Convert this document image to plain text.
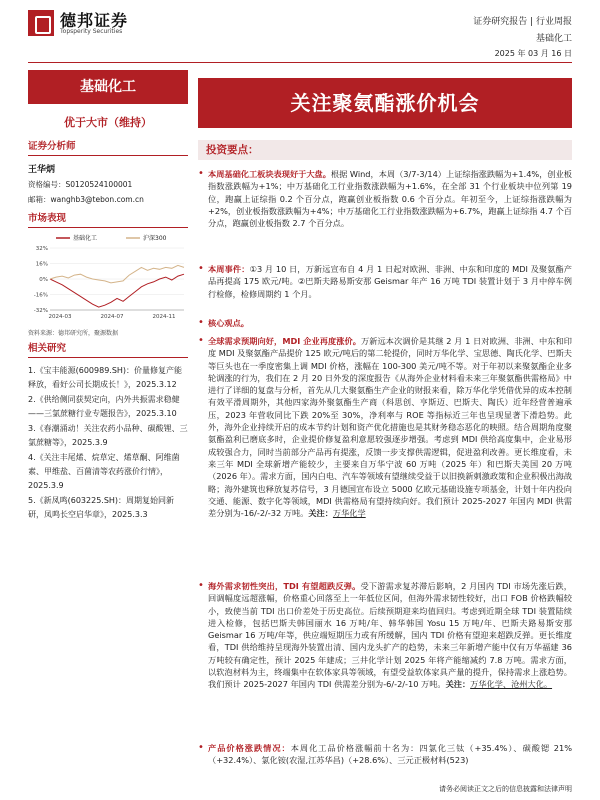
德邦证券
Topsperity Securities
证券研究报告 | 行业周报
基础化工
2025 年 03 月 16 日
基础化工
优于大市（维持）
证券分析师
王华炳
资格编号：S0120524100001
邮箱：wanghb3@tebon.com.cn
市场表现
32%
16%
0%
-16%
-32%
2024-03	2024-07	2024-11
基础化工	沪深300
资料来源：德邦研究所，聚源数据
相关研究
1.《宝丰能源(600989.SH)：价量修复产能释放，看好公司长期成长！》，2025.3.12
2.《供给侧同获契定向，内外共振需求稳健——三氯蔗糖行业专题报告》，2025.3.10
3.《春潮涌动！关注农药小品种、碳酸锂、三氯蔗糖等》，2025.3.9
4.《关注丰尾烯、烷草定、烯草酮、阿维菌素、甲维盐、百菌清等农药涨价行情》，2025.3.9
5.《新凤鸣(603225.SH)：周期复始同新研，凤鸣长空启华章》，2025.3.3
关注聚氨酯涨价机会
投资要点：
• 本周基础化工板块表现好于大盘。根据 Wind，本周（3/7-3/14）上证综指涨跌幅为+1.4%，创业板指数涨跌幅为+1%；中万基础化工行业指数涨跌幅为+1.6%，在全部 31 个行业板块中位列第 19 位，跑赢上证综指 0.2 个百分点，跑赢创业板指数 0.6 个百分点。年初至今，上证综指涨跌幅为+2%，创业板指数涨跌幅为+4%；中万基础化工行业指数涨跌幅为+6.7%，跑赢上证综指 4.7 个百分点，跑赢创业板指数 2.7 个百分点。
• 本周事件：①3 月 10 日，万新远宣布自 4 月 1 日起对欧洲、非洲、中东和印度的 MDI 及聚氨酯产品再提高 175 欧元/吨。②巴斯夫路易斯安那 Geismar 年产 16 万吨 TDI 装置计划于 3 月中停车例行检修，检修周期约 1 个月。
• 核心观点。
• 全球需求预期向好，MDI 企业再度涨价。万新远本次调价是其继 2 月 1 日对欧洲、非洲、中东和印度 MDI 及聚氨酯产品提价 125 欧元/吨后的第二轮提价，同时万华化学、宝思德、陶氏化学、巴斯夫等巨头也在一季度密集上调 MDI 价格，涨幅在 100-300 美元/吨不等。对于年初以来聚氨酯企业多轮调涨的行为，我们在 2 月 20 日外发的深度报告《从海外企业材料看未来三年聚氨酯供需格局》中进行了详细的复盘与分析，首先从几大聚氨酯生产企业的财报来看，除万华化学凭借优异的成本控制有效平滑周期外，其他四家海外聚氨酯生产商（科思创、亨斯迈、巴斯夫、陶氏）近年经营普遍承压，2023 年营收同比下跌 20%至 30%，净利率与 ROE 等指标近三年也呈现显著下滑趋势。此外，海外企业持续开启的成本节约计划和资产优化措施也是其财务稳态恶化的映照。结合周期角度聚氨酯盈利已磨底多时，企业提价修复盈利意愿较强逐步增强。考虑到 MDI 供给高度集中，企业易形成较强合力，同时当前部分产品再有提涨，反馈一步支撑供需逻辑，促进盈利改善。更长维度看，未来三年 MDI 全球新增产能较少，主要来自万华宁波 60 万吨（2025 年）和巴斯夫美国 20 万吨（2026 年）。需求方面，国内白电、汽车等领域有望继续受益于以旧换新刺激政策和企业积极出海战略；海外建筑也释放复苏信号，3 月德国宣布设立 5000 亿欧元基础设施专项基金，计划十年内投向交通、能源、数字化等领域，MDI 供需格局有望持续向好。我们预计 2025-2027 年国内 MDI 供需差分别为-16/-2/-32 万吨。关注：万华化学
• 海外需求韧性突出，TDI 有望超跌反弹。受下游需求复苏滞后影响，2 月国内 TDI 市场先涨后跌，回调幅度远超涨幅，价格重心回落至上一年低位区间，但海外需求韧性较好，出口 FOB 价格跌幅较小，致使当前 TDI 出口价差处于历史高位。后续预期迎来均值回归。考虑到近期全球 TDI 装置陆续进入检修，包括巴斯夫韩国丽水 16 万吨/年、韩华韩国 Yosu 15 万吨/年、巴斯夫路易斯安那 Geismar 16 万吨/年等，供应端短期压力或有所缓解，国内 TDI 价格有望迎来超跌反弹。更长维度看，TDI 供给维持呈现海外装置出清、国内龙头扩产的趋势，未来三年新增产能中仅有万华福建 36 万吨较有确定性，预计 2025 年建成；三井化学计划 2025 年将产能缩减约 7.8 万吨。需求方面，以软泡材料为主，终端集中在软体家具等领域，有望受益软体家具产量的提升，保持需求上涨趋势。我们预计 2025-2027 年国内 TDI 供需差分别为-6/-2/-10 万吨。关注：万华化学、沧州大化。
• 产品价格涨跌情况：本周化工品价格涨幅前十名为：四氯化三钛（+35.4%）、碳酸锶 21%（+32.4%）、氯化铵(农湿,江苏华昌)（+28.6%）、三元正极材料(523)
请务必阅读正文之后的信息披露和法律声明
